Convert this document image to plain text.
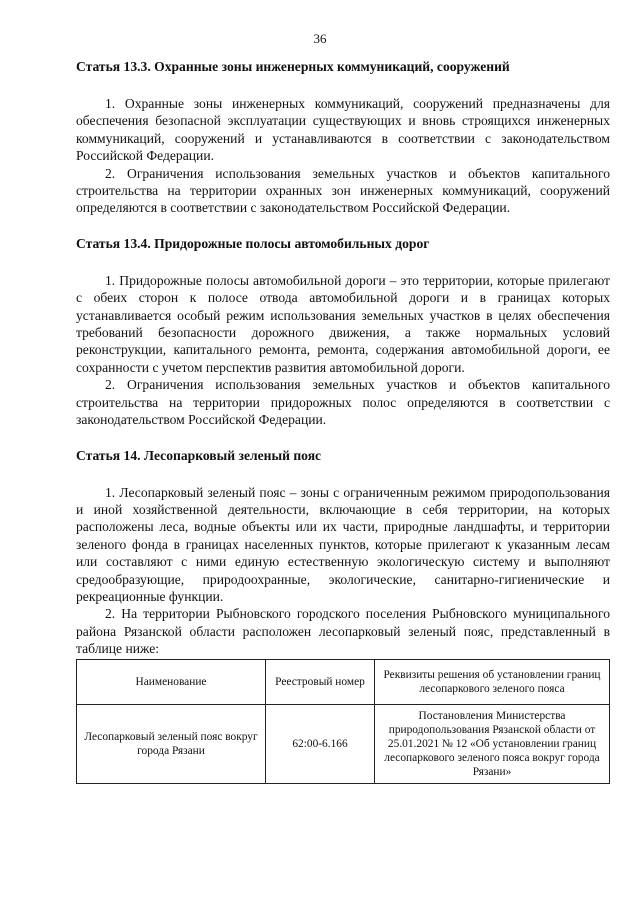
36
Статья 13.3. Охранные зоны инженерных коммуникаций, сооружений

1. Охранные зоны инженерных коммуникаций, сооружений предназначены для обеспечения безопасной эксплуатации существующих и вновь строящихся инженерных коммуникаций, сооружений и устанавливаются в соответствии с законодательством Российской Федерации.

2. Ограничения использования земельных участков и объектов капитального строительства на территории охранных зон инженерных коммуникаций, сооружений определяются в соответствии с законодательством Российской Федерации.

Статья 13.4. Придорожные полосы автомобильных дорог

1. Придорожные полосы автомобильной дороги – это территории, которые прилегают с обеих сторон к полосе отвода автомобильной дороги и в границах которых устанавливается особый режим использования земельных участков в целях обеспечения требований безопасности дорожного движения, а также нормальных условий реконструкции, капитального ремонта, ремонта, содержания автомобильной дороги, ее сохранности с учетом перспектив развития автомобильной дороги.

2. Ограничения использования земельных участков и объектов капитального строительства на территории придорожных полос определяются в соответствии с законодательством Российской Федерации.

Статья 14. Лесопарковый зеленый пояс

1. Лесопарковый зеленый пояс – зоны с ограниченным режимом природопользования и иной хозяйственной деятельности, включающие в себя территории, на которых расположены леса, водные объекты или их части, природные ландшафты, и территории зеленого фонда в границах населенных пунктов, которые прилегают к указанным лесам или составляют с ними единую естественную экологическую систему и выполняют средообразующие, природоохранные, экологические, санитарно-гигиенические и рекреационные функции.

2. На территории Рыбновского городского поселения Рыбновского муниципального района Рязанской области расположен лесопарковый зеленый пояс, представленный в таблице ниже:

Наименование	Реестровый номер	Реквизиты решения об установлении границ лесопаркового зеленого пояса
Лесопарковый зеленый пояс вокруг города Рязани	62:00-6.166	Постановления Министерства природопользования Рязанской области от 25.01.2021 № 12 «Об установлении границ лесопаркового зеленого пояса вокруг города Рязани»
